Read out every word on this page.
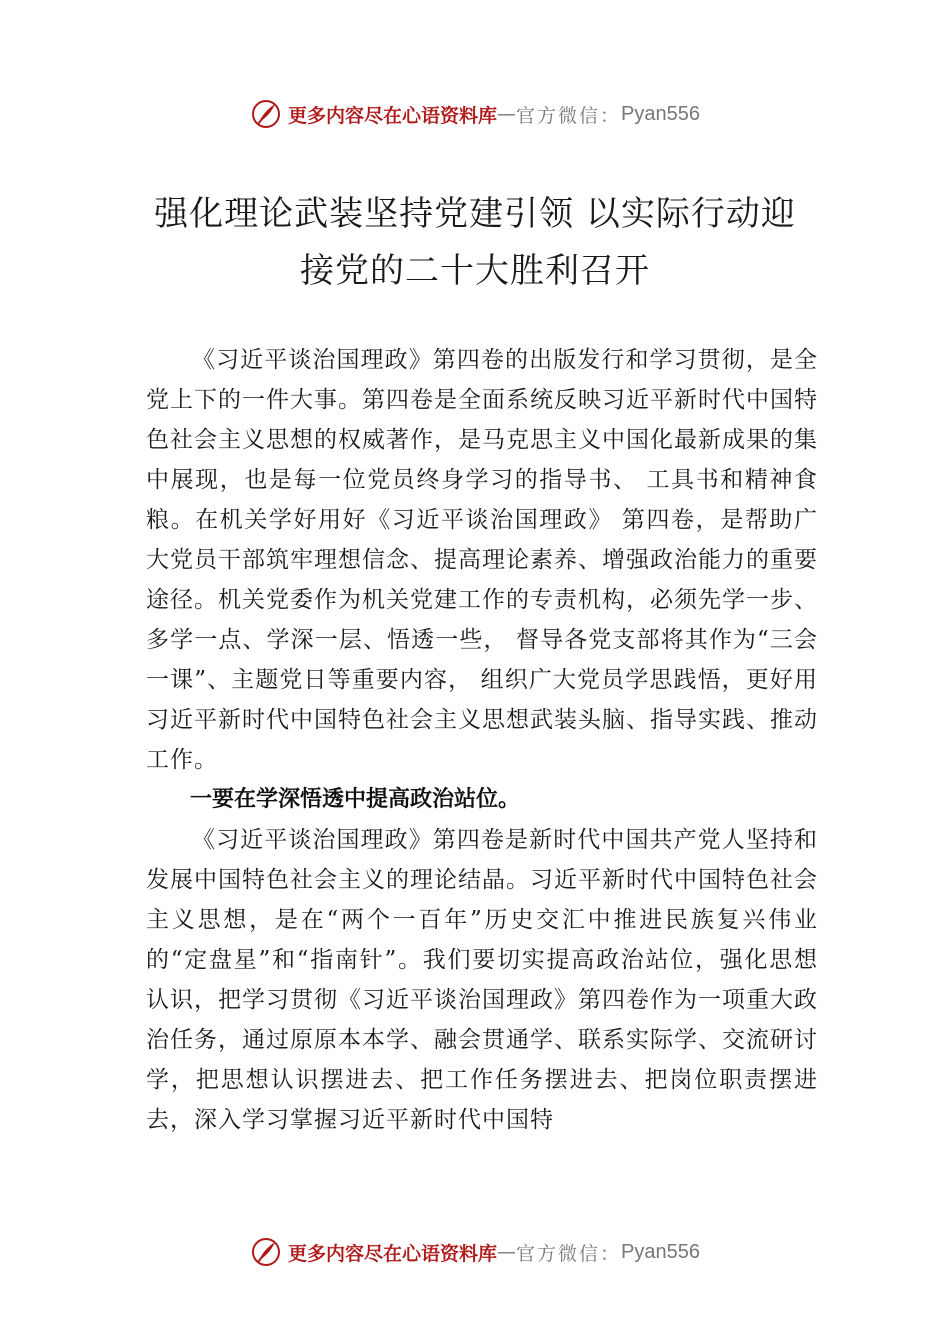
更多内容尽在心语资料库 — 官方微信： Pyan556
强化理论武装坚持党建引领 以实际行动迎
接党的二十大胜利召开

《习近平谈治国理政》第四卷的出版发行和学习贯彻，是全党上下的一件大事。第四卷是全面系统反映习近平新时代中国特色社会主义思想的权威著作，是马克思主义中国化最新成果的集中展现，也是每一位党员终身学习的指导书、 工具书和精神食粮。在机关学好用好《习近平谈治国理政》 第四卷，是帮助广大党员干部筑牢理想信念、提高理论素养、增强政治能力的重要途径。机关党委作为机关党建工作的专责机构，必须先学一步、多学一点、学深一层、悟透一些， 督导各党支部将其作为“三会一课”、主题党日等重要内容， 组织广大党员学思践悟，更好用习近平新时代中国特色社会主义思想武装头脑、指导实践、推动工作。

一要在学深悟透中提高政治站位。

《习近平谈治国理政》第四卷是新时代中国共产党人坚持和发展中国特色社会主义的理论结晶。习近平新时代中国特色社会主义思想，是在“两个一百年”历史交汇中推进民族复兴伟业的“定盘星”和“指南针”。我们要切实提高政治站位，强化思想认识，把学习贯彻《习近平谈治国理政》第四卷作为一项重大政治任务，通过原原本本学、融会贯通学、联系实际学、交流研讨学，把思想认识摆进去、把工作任务摆进去、把岗位职责摆进去，深入学习掌握习近平新时代中国特

更多内容尽在心语资料库 — 官方微信： Pyan556
